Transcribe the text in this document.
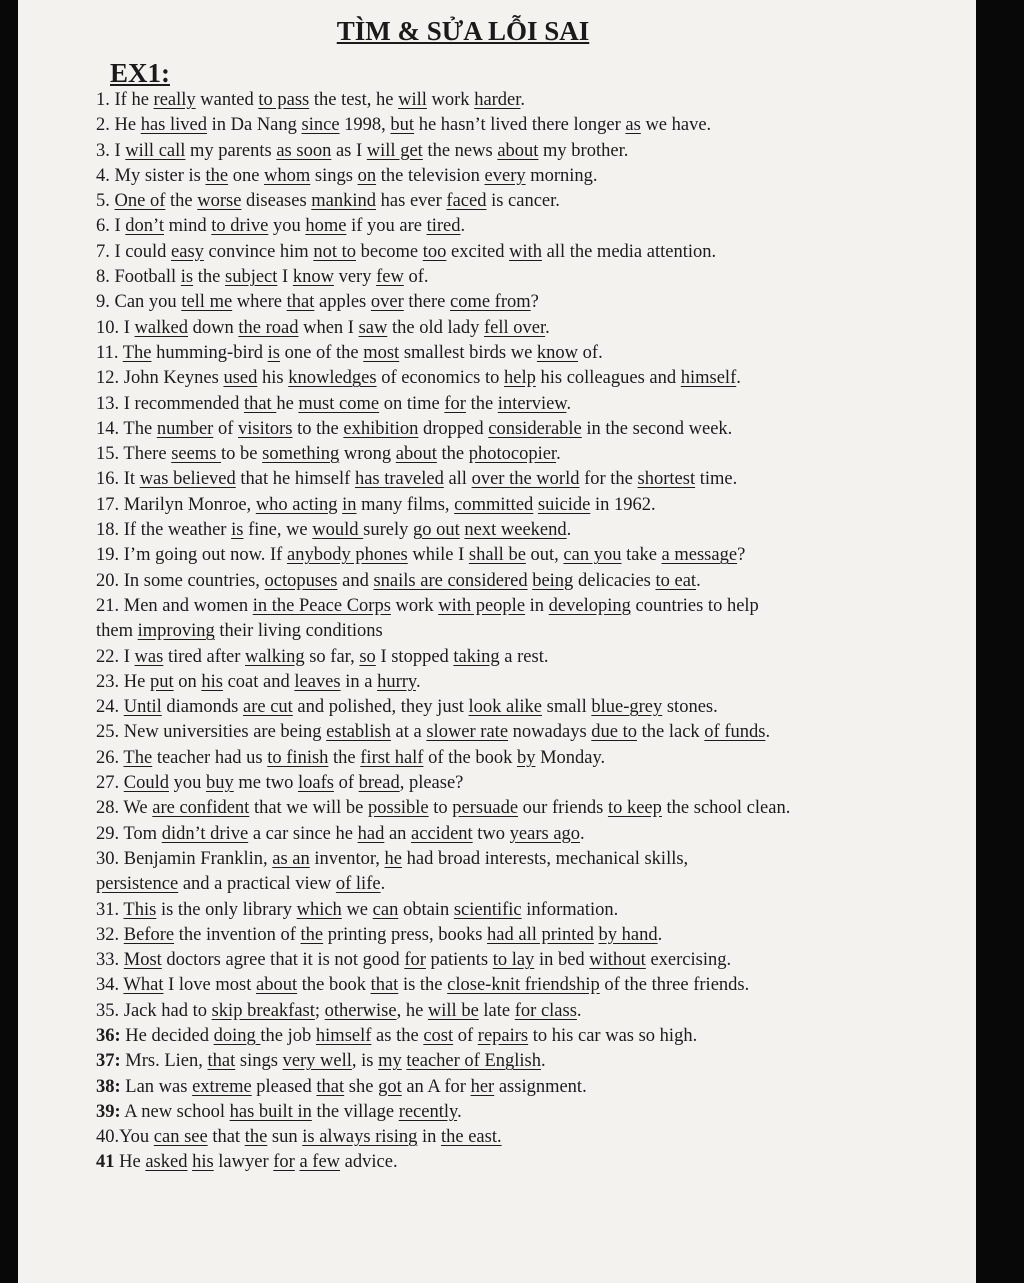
TÌM & SỬA LỖI SAI
EX1:
1. If he really wanted to pass the test, he will work harder.
2. He has lived in Da Nang since 1998, but he hasn’t lived there longer as we have.
3. I will call my parents as soon as I will get the news about my brother.
4. My sister is the one whom sings on the television every morning.
5. One of the worse diseases mankind has ever faced is cancer.
6. I don’t mind to drive you home if you are tired.
7. I could easy convince him not to become too excited with all the media attention.
8. Football is the subject I know very few of.
9. Can you tell me where that apples over there come from?
10. I walked down the road when I saw the old lady fell over.
11. The humming-bird is one of the most smallest birds we know of.
12. John Keynes used his knowledges of economics to help his colleagues and himself.
13. I recommended that he must come on time for the interview.
14. The number of visitors to the exhibition dropped considerable in the second week.
15. There seems to be something wrong about the photocopier.
16. It was believed that he himself has traveled all over the world for the shortest time.
17. Marilyn Monroe, who acting in many films, committed suicide in 1962.
18. If the weather is fine, we would surely go out next weekend.
19. I’m going out now. If anybody phones while I shall be out, can you take a message?
20. In some countries, octopuses and snails are considered being delicacies to eat.
21. Men and women in the Peace Corps work with people in developing countries to help
them improving their living conditions
22. I was tired after walking so far, so I stopped taking a rest.
23. He put on his coat and leaves in a hurry.
24. Until diamonds are cut and polished, they just look alike small blue-grey stones.
25. New universities are being establish at a slower rate nowadays due to the lack of funds.
26. The teacher had us to finish the first half of the book by Monday.
27. Could you buy me two loafs of bread, please?
28. We are confident that we will be possible to persuade our friends to keep the school clean.
29. Tom didn’t drive a car since he had an accident two years ago.
30. Benjamin Franklin, as an inventor, he had broad interests, mechanical skills,
persistence and a practical view of life.
31. This is the only library which we can obtain scientific information.
32. Before the invention of the printing press, books had all printed by hand.
33. Most doctors agree that it is not good for patients to lay in bed without exercising.
34. What I love most about the book that is the close-knit friendship of the three friends.
35. Jack had to skip breakfast; otherwise, he will be late for class.
36: He decided doing the job himself as the cost of repairs to his car was so high.
37: Mrs. Lien, that sings very well, is my teacher of English.
38: Lan was extreme pleased that she got an A for her assignment.
39: A new school has built in the village recently.
40.You can see that the sun is always rising in the east.
41 He asked his lawyer for a few advice.
